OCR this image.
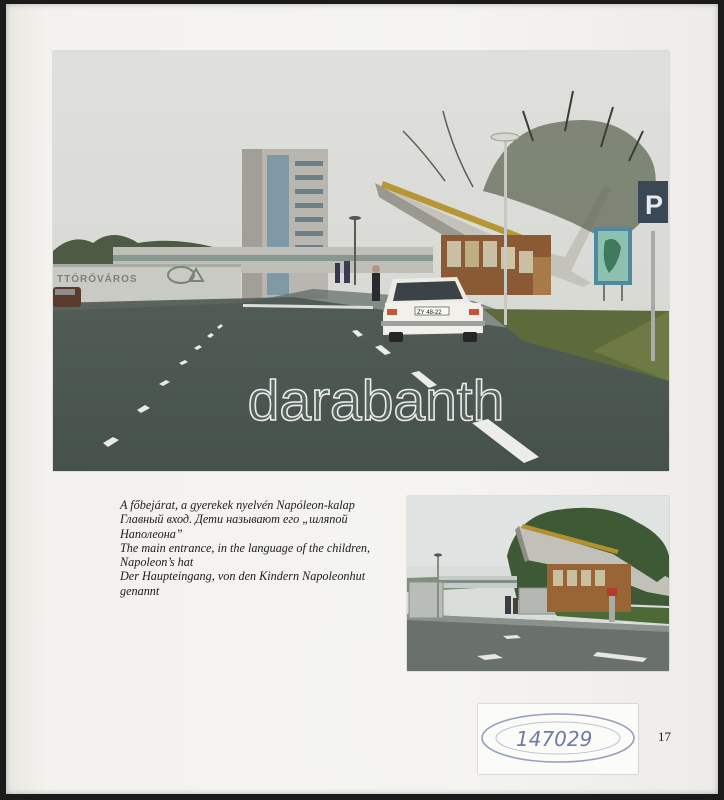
TTÖRŐVÁROS
P
ZY 48-22
A főbejárat, a gyerekek nyelvén Napóleon-kalap
Главный вход. Дети называют его „шляпой Наполеона”
The main entrance, in the language of the children, Napoleon’s hat
Der Haupteingang, von den Kindern Napoleonhut genannt
darabanth

17
147029
